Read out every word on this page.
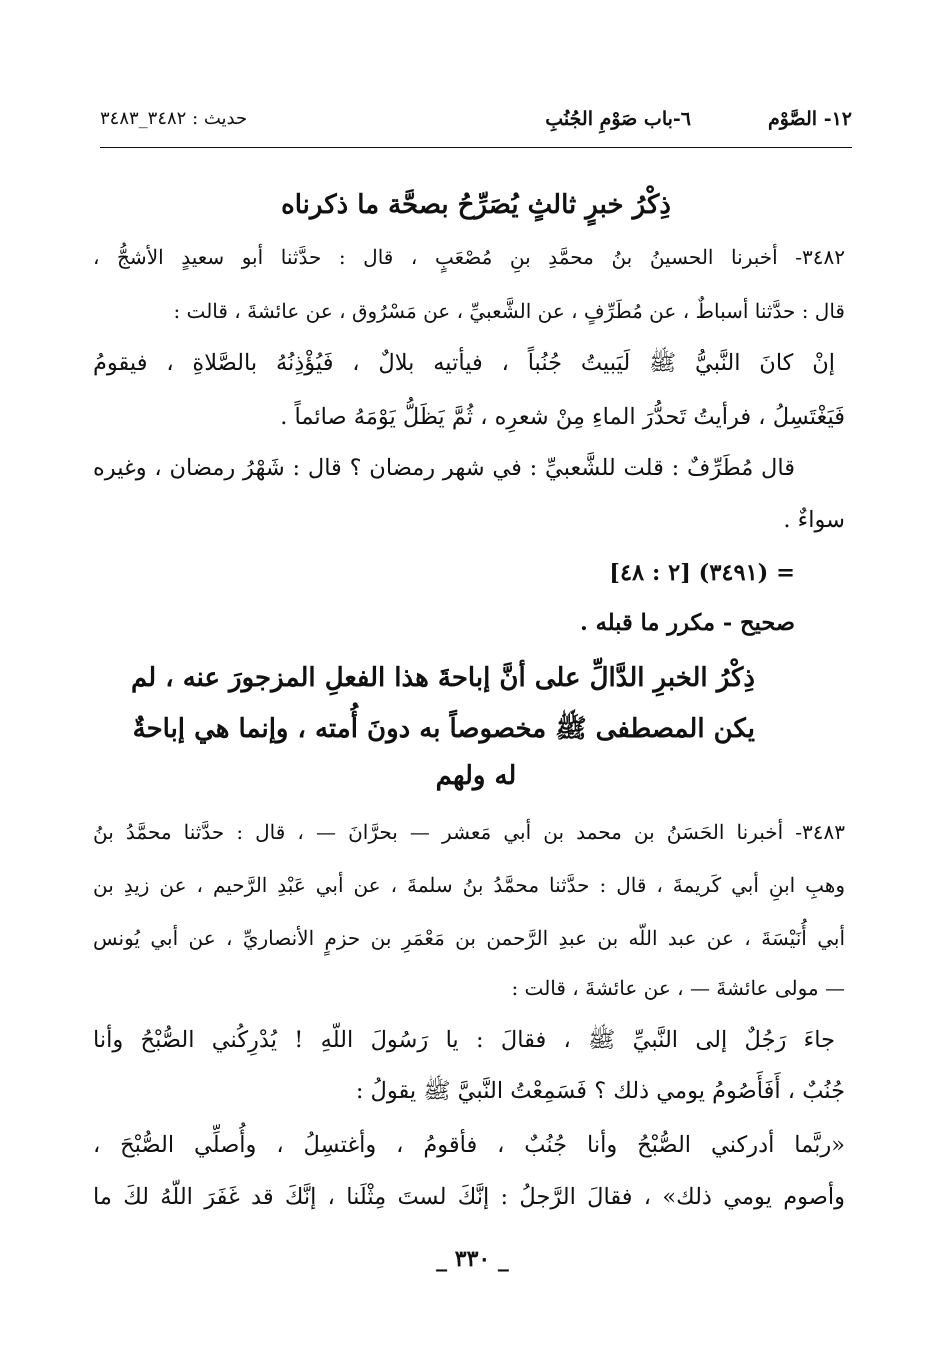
١٢- الصَّوْم
٦-باب صَوْمِ الجُنُبِ
حديث : ٣٤٨٢_٣٤٨٣
ذِكْرُ خبرٍ ثالثٍ يُصَرِّحُ بصحَّة ما ذكرناه
٣٤٨٢- أخبرنا الحسينُ بنُ محمَّدِ بنِ مُصْعَبٍ ، قال : حدَّثنا أبو سعيدٍ الأشجُّ ،
قال : حدَّثنا أسباطٌ ، عن مُطَرِّفٍ ، عن الشَّعبيِّ ، عن مَسْرُوق ، عن عائشةَ ، قالت :
إنْ كانَ النَّبيُّ ﷺ لَيَبيتُ جُنُباً ، فيأتيه بلالٌ ، فَيُؤْذِنُهُ بالصَّلاةِ ، فيقومُ
فَيَغْتَسِلُ ، فرأيتُ تَحدُّرَ الماءِ مِنْ شعرِه ، ثُمَّ يَظَلُّ يَوْمَهُ صائماً .
قال مُطَرِّفٌ : قلت للشَّعبيِّ : في شهر رمضان ؟ قال : شَهْرُ رمضان ، وغيره
سواءٌ .
= (٣٤٩١) [٢ : ٤٨]
صحيح - مكرر ما قبله .
ذِكْرُ الخبرِ الدَّالِّ على أنَّ إباحةَ هذا الفعلِ المزجورَ عنه ، لم
يكن المصطفى ﷺ مخصوصاً به دونَ أُمته ، وإنما هي إباحةٌ
له ولهم
٣٤٨٣- أخبرنا الحَسَنُ بن محمد بن أبي مَعشر — بحرَّانَ — ، قال : حدَّثنا محمَّدُ بنُ
وهبِ ابنِ أبي كَريمةَ ، قال : حدَّثنا محمَّدُ بنُ سلمةَ ، عن أبي عَبْدِ الرَّحيم ، عن زيدِ بن
أبي أُنَيْسَةَ ، عن عبد اللّه بن عبدِ الرَّحمن بن مَعْمَرِ بن حزمٍ الأنصاريِّ ، عن أبي يُونس
— مولى عائشةَ — ، عن عائشةَ ، قالت :
جاءَ رَجُلٌ إلى النَّبيِّ ﷺ ، فقالَ : يا رَسُولَ اللّهِ ! يُدْرِكُني الصُّبْحُ وأنا
جُنُبٌ ، أَفَأَصُومُ يومي ذلك ؟ فَسَمِعْتُ النَّبيَّ ﷺ يقولُ :
«ربَّما أدركني الصُّبْحُ وأنا جُنُبٌ ، فأقومُ ، وأغتسِلُ ، وأُصلِّي الصُّبْحَ ،
وأصوم يومي ذلك» ، فقالَ الرَّجلُ : إنَّكَ لستَ مِثْلَنا ، إنَّكَ قد غَفَرَ اللّهُ لكَ ما
_ ٣٣٠ _
